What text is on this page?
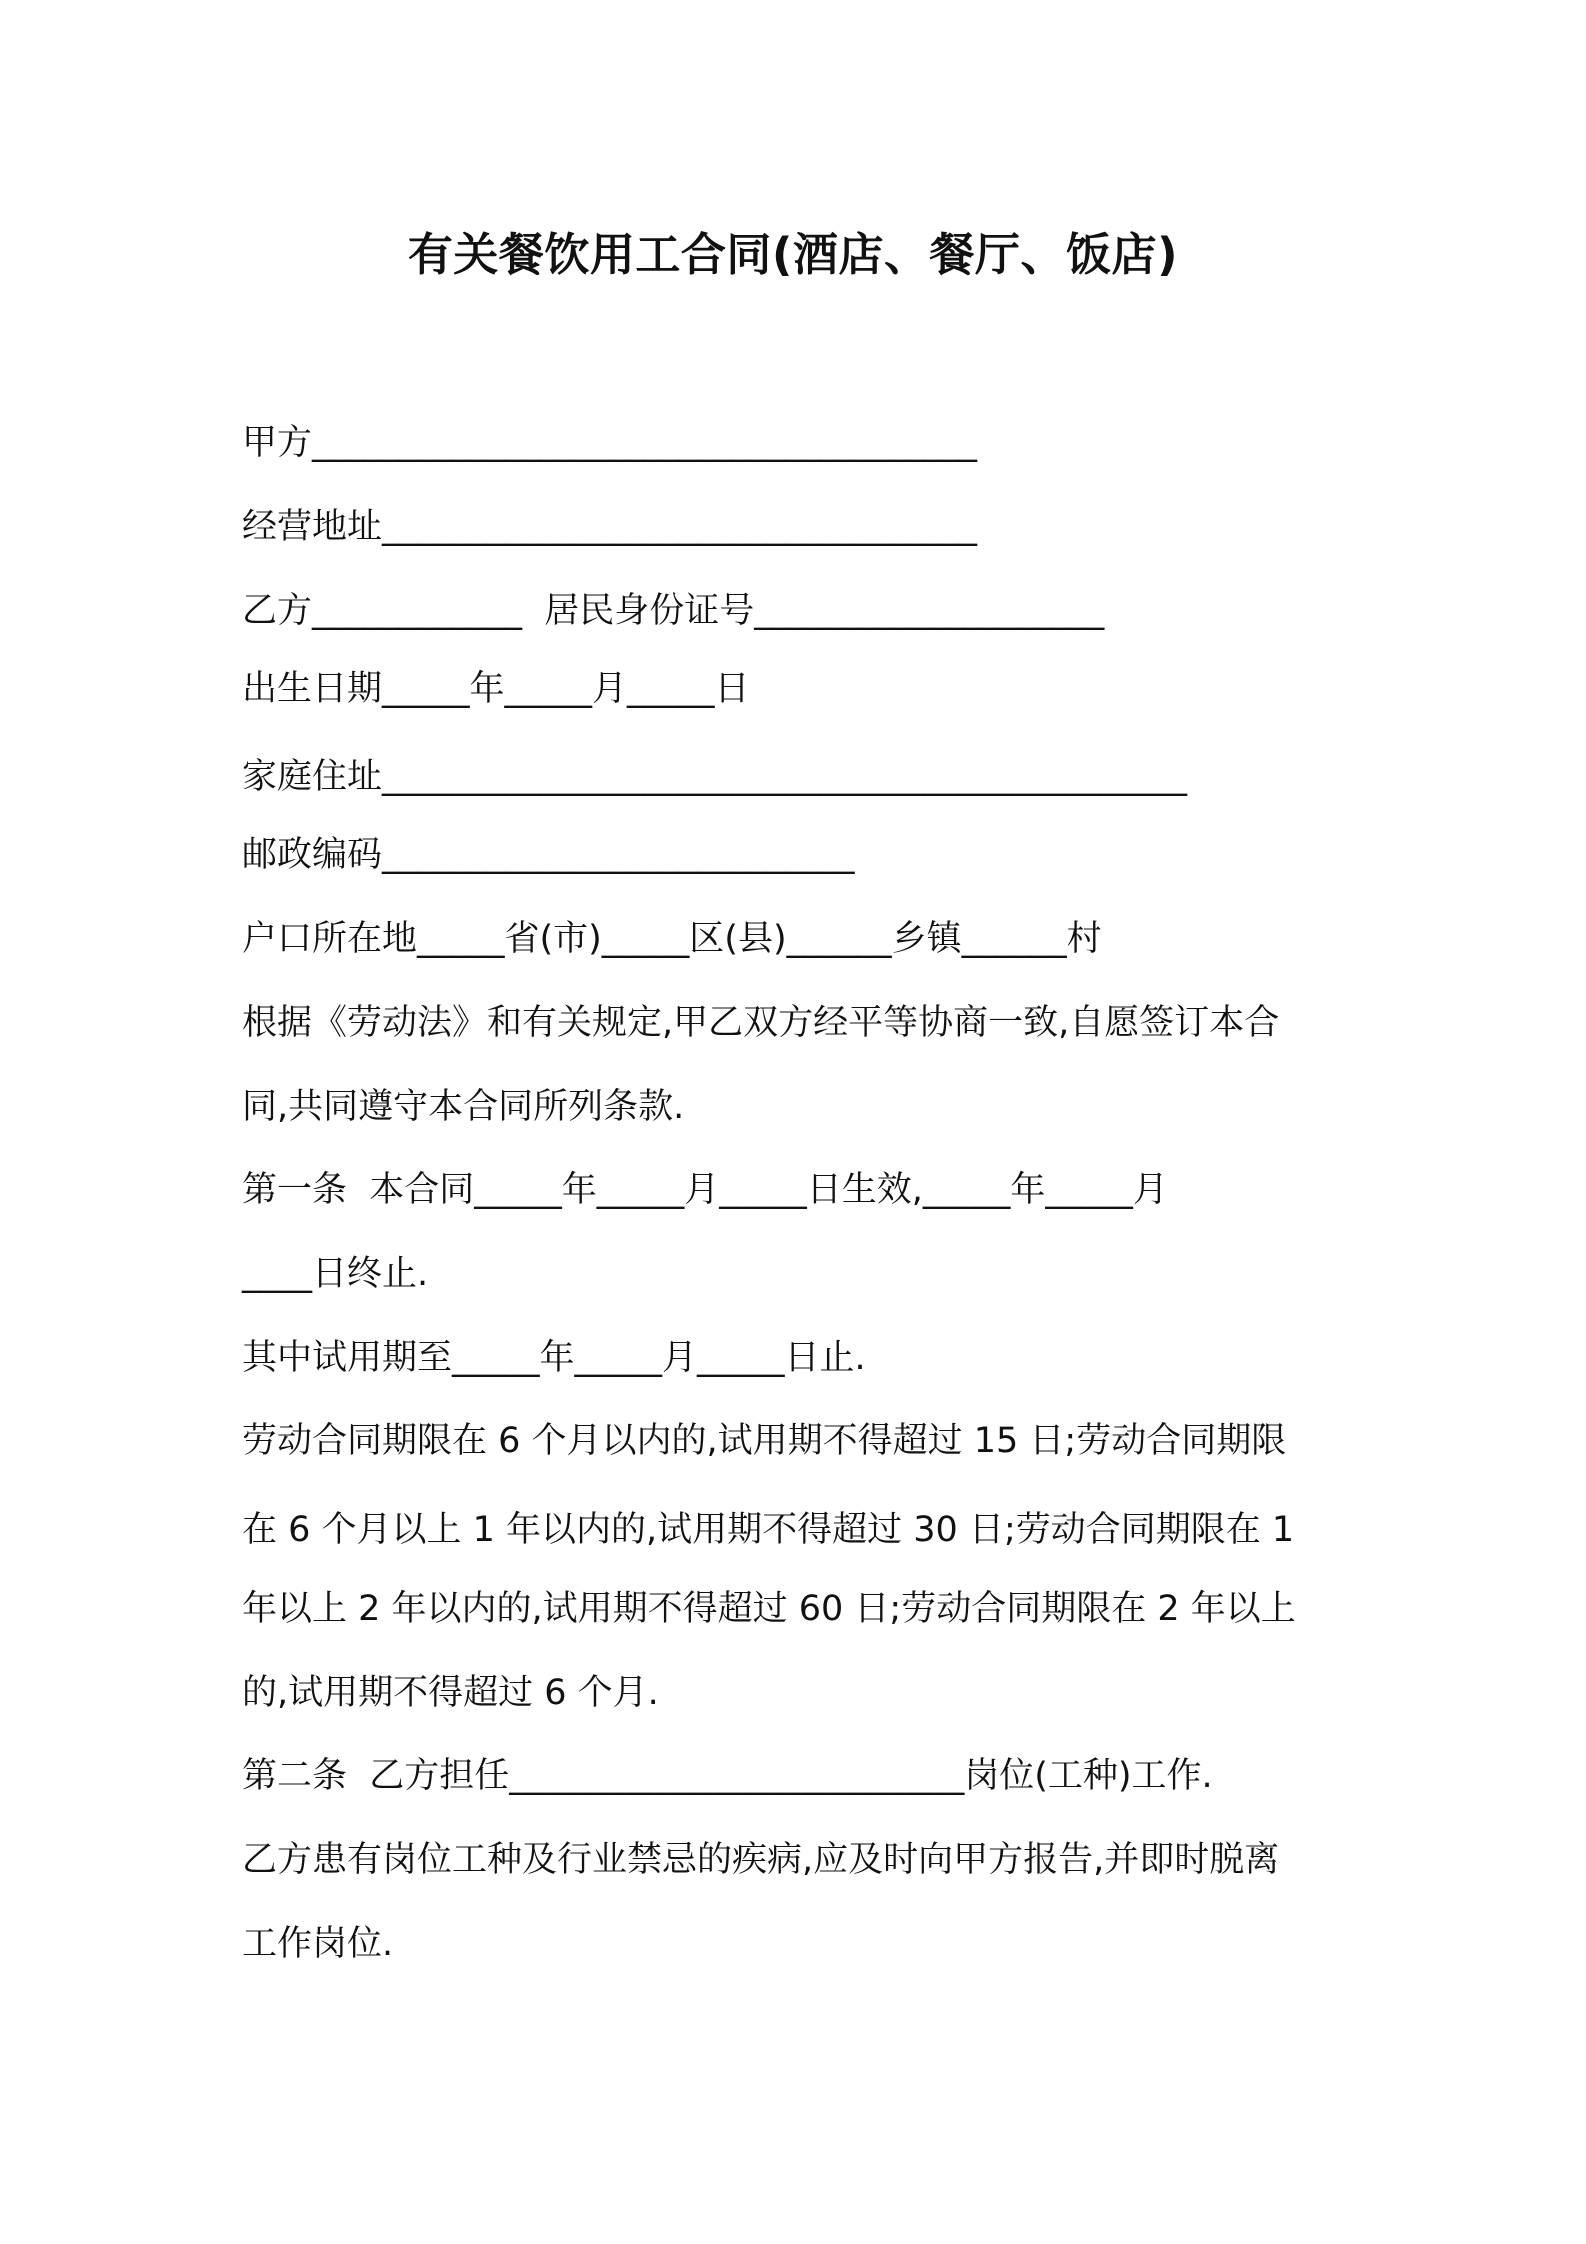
有关餐饮用工合同(酒店、餐厅、饭店)
甲方______________________________________
经营地址__________________________________
乙方____________  居民身份证号____________________
出生日期_____年_____月_____日
家庭住址______________________________________________
邮政编码___________________________
户口所在地_____省(市)_____区(县)______乡镇______村
根据《劳动法》和有关规定,甲乙双方经平等协商一致,自愿签订本合
同,共同遵守本合同所列条款.
第一条  本合同_____年_____月_____日生效,_____年_____月
____日终止.
其中试用期至_____年_____月_____日止.
劳动合同期限在 6 个月以内的,试用期不得超过 15 日;劳动合同期限
在 6 个月以上 1 年以内的,试用期不得超过 30 日;劳动合同期限在 1
年以上 2 年以内的,试用期不得超过 60 日;劳动合同期限在 2 年以上
的,试用期不得超过 6 个月.
第二条  乙方担任__________________________岗位(工种)工作.
乙方患有岗位工种及行业禁忌的疾病,应及时向甲方报告,并即时脱离
工作岗位.
